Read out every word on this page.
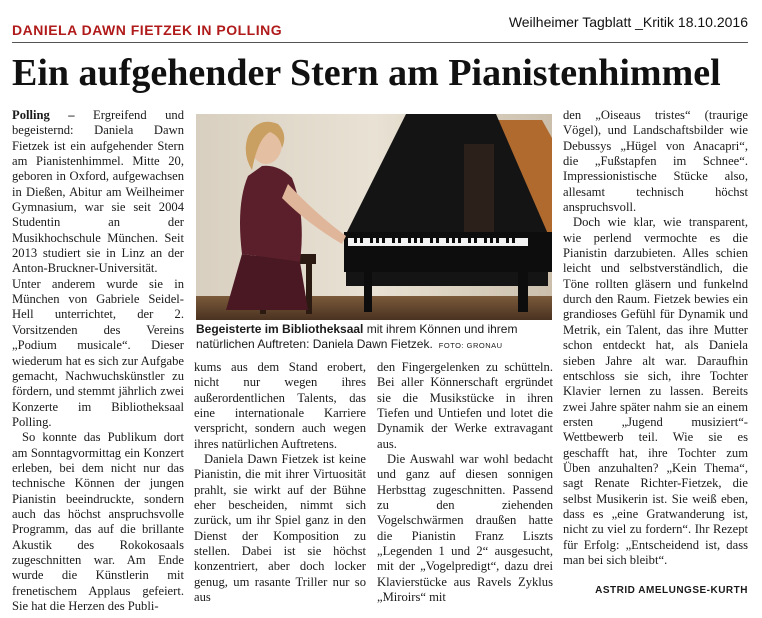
DANIELA DAWN FIETZEK IN POLLING	Weilheimer Tagblatt _Kritik 18.10.2016
Ein aufgehender Stern am Pianistenhimmel

Polling – Ergreifend und begeisternd: Daniela Dawn Fietzek ist ein aufgehender Stern am Pianistenhimmel. Mitte 20, geboren in Oxford, aufgewachsen in Dießen, Abitur am Weilheimer Gymnasium, war sie seit 2004 Studentin an der Musikhochschule München. Seit 2013 studiert sie in Linz an der Anton-Bruckner-Universität. Unter anderem wurde sie in München von Gabriele Seidel-Hell unterrichtet, der 2. Vorsitzenden des Vereins „Podium musicale“. Dieser wiederum hat es sich zur Aufgabe gemacht, Nachwuchskünstler zu fördern, und stemmt jährlich zwei Konzerte im Bibliotheksaal Polling.

So konnte das Publikum dort am Sonntagvormittag ein Konzert erleben, bei dem nicht nur das technische Können der jungen Pianistin beeindruckte, sondern auch das höchst anspruchsvolle Programm, das auf die brillante Akustik des Rokokosaals zugeschnitten war. Am Ende wurde die Künstlerin mit frenetischem Applaus gefeiert. Sie hat die Herzen des Publi-

Begeisterte im Bibliotheksaal mit ihrem Können und ihrem natürlichen Auftreten: Daniela Dawn Fietzek. FOTO: GRONAU

kums aus dem Stand erobert, nicht nur wegen ihres außerordentlichen Talents, das eine internationale Karriere verspricht, sondern auch wegen ihres natürlichen Auftretens.

Daniela Dawn Fietzek ist keine Pianistin, die mit ihrer Virtuosität prahlt, sie wirkt auf der Bühne eher bescheiden, nimmt sich zurück, um ihr Spiel ganz in den Dienst der Komposition zu stellen. Dabei ist sie höchst konzentriert, aber doch locker genug, um rasante Triller nur so aus

den Fingergelenken zu schütteln. Bei aller Könnerschaft ergründet sie die Musikstücke in ihren Tiefen und Untiefen und lotet die Dynamik der Werke extravagant aus.

Die Auswahl war wohl bedacht und ganz auf diesen sonnigen Herbsttag zugeschnitten. Passend zu den ziehenden Vogelschwärmen draußen hatte die Pianistin Franz Liszts „Legenden 1 und 2“ ausgesucht, mit der „Vogelpredigt“, dazu drei Klavierstücke aus Ravels Zyklus „Miroirs“ mit

den „Oiseaus tristes“ (traurige Vögel), und Landschaftsbilder wie Debussys „Hügel von Anacapri“, die „Fußstapfen im Schnee“. Impressionistische Stücke also, allesamt technisch höchst anspruchsvoll.

Doch wie klar, wie transparent, wie perlend vermochte es die Pianistin darzubieten. Alles schien leicht und selbstverständlich, die Töne rollten gläsern und funkelnd durch den Raum. Fietzek bewies ein grandioses Gefühl für Dynamik und Metrik, ein Talent, das ihre Mutter schon entdeckt hat, als Daniela sieben Jahre alt war. Daraufhin entschloss sie sich, ihre Tochter Klavier lernen zu lassen. Bereits zwei Jahre später nahm sie an einem ersten „Jugend musiziert“-Wettbewerb teil. Wie sie es geschafft hat, ihre Tochter zum Üben anzuhalten? „Kein Thema“, sagt Renate Richter-Fietzek, die selbst Musikerin ist. Sie weiß eben, dass es „eine Gratwanderung ist, nicht zu viel zu fordern“. Ihr Rezept für Erfolg: „Entscheidend ist, dass man bei sich bleibt“.

ASTRID AMELUNGSE-KURTH
